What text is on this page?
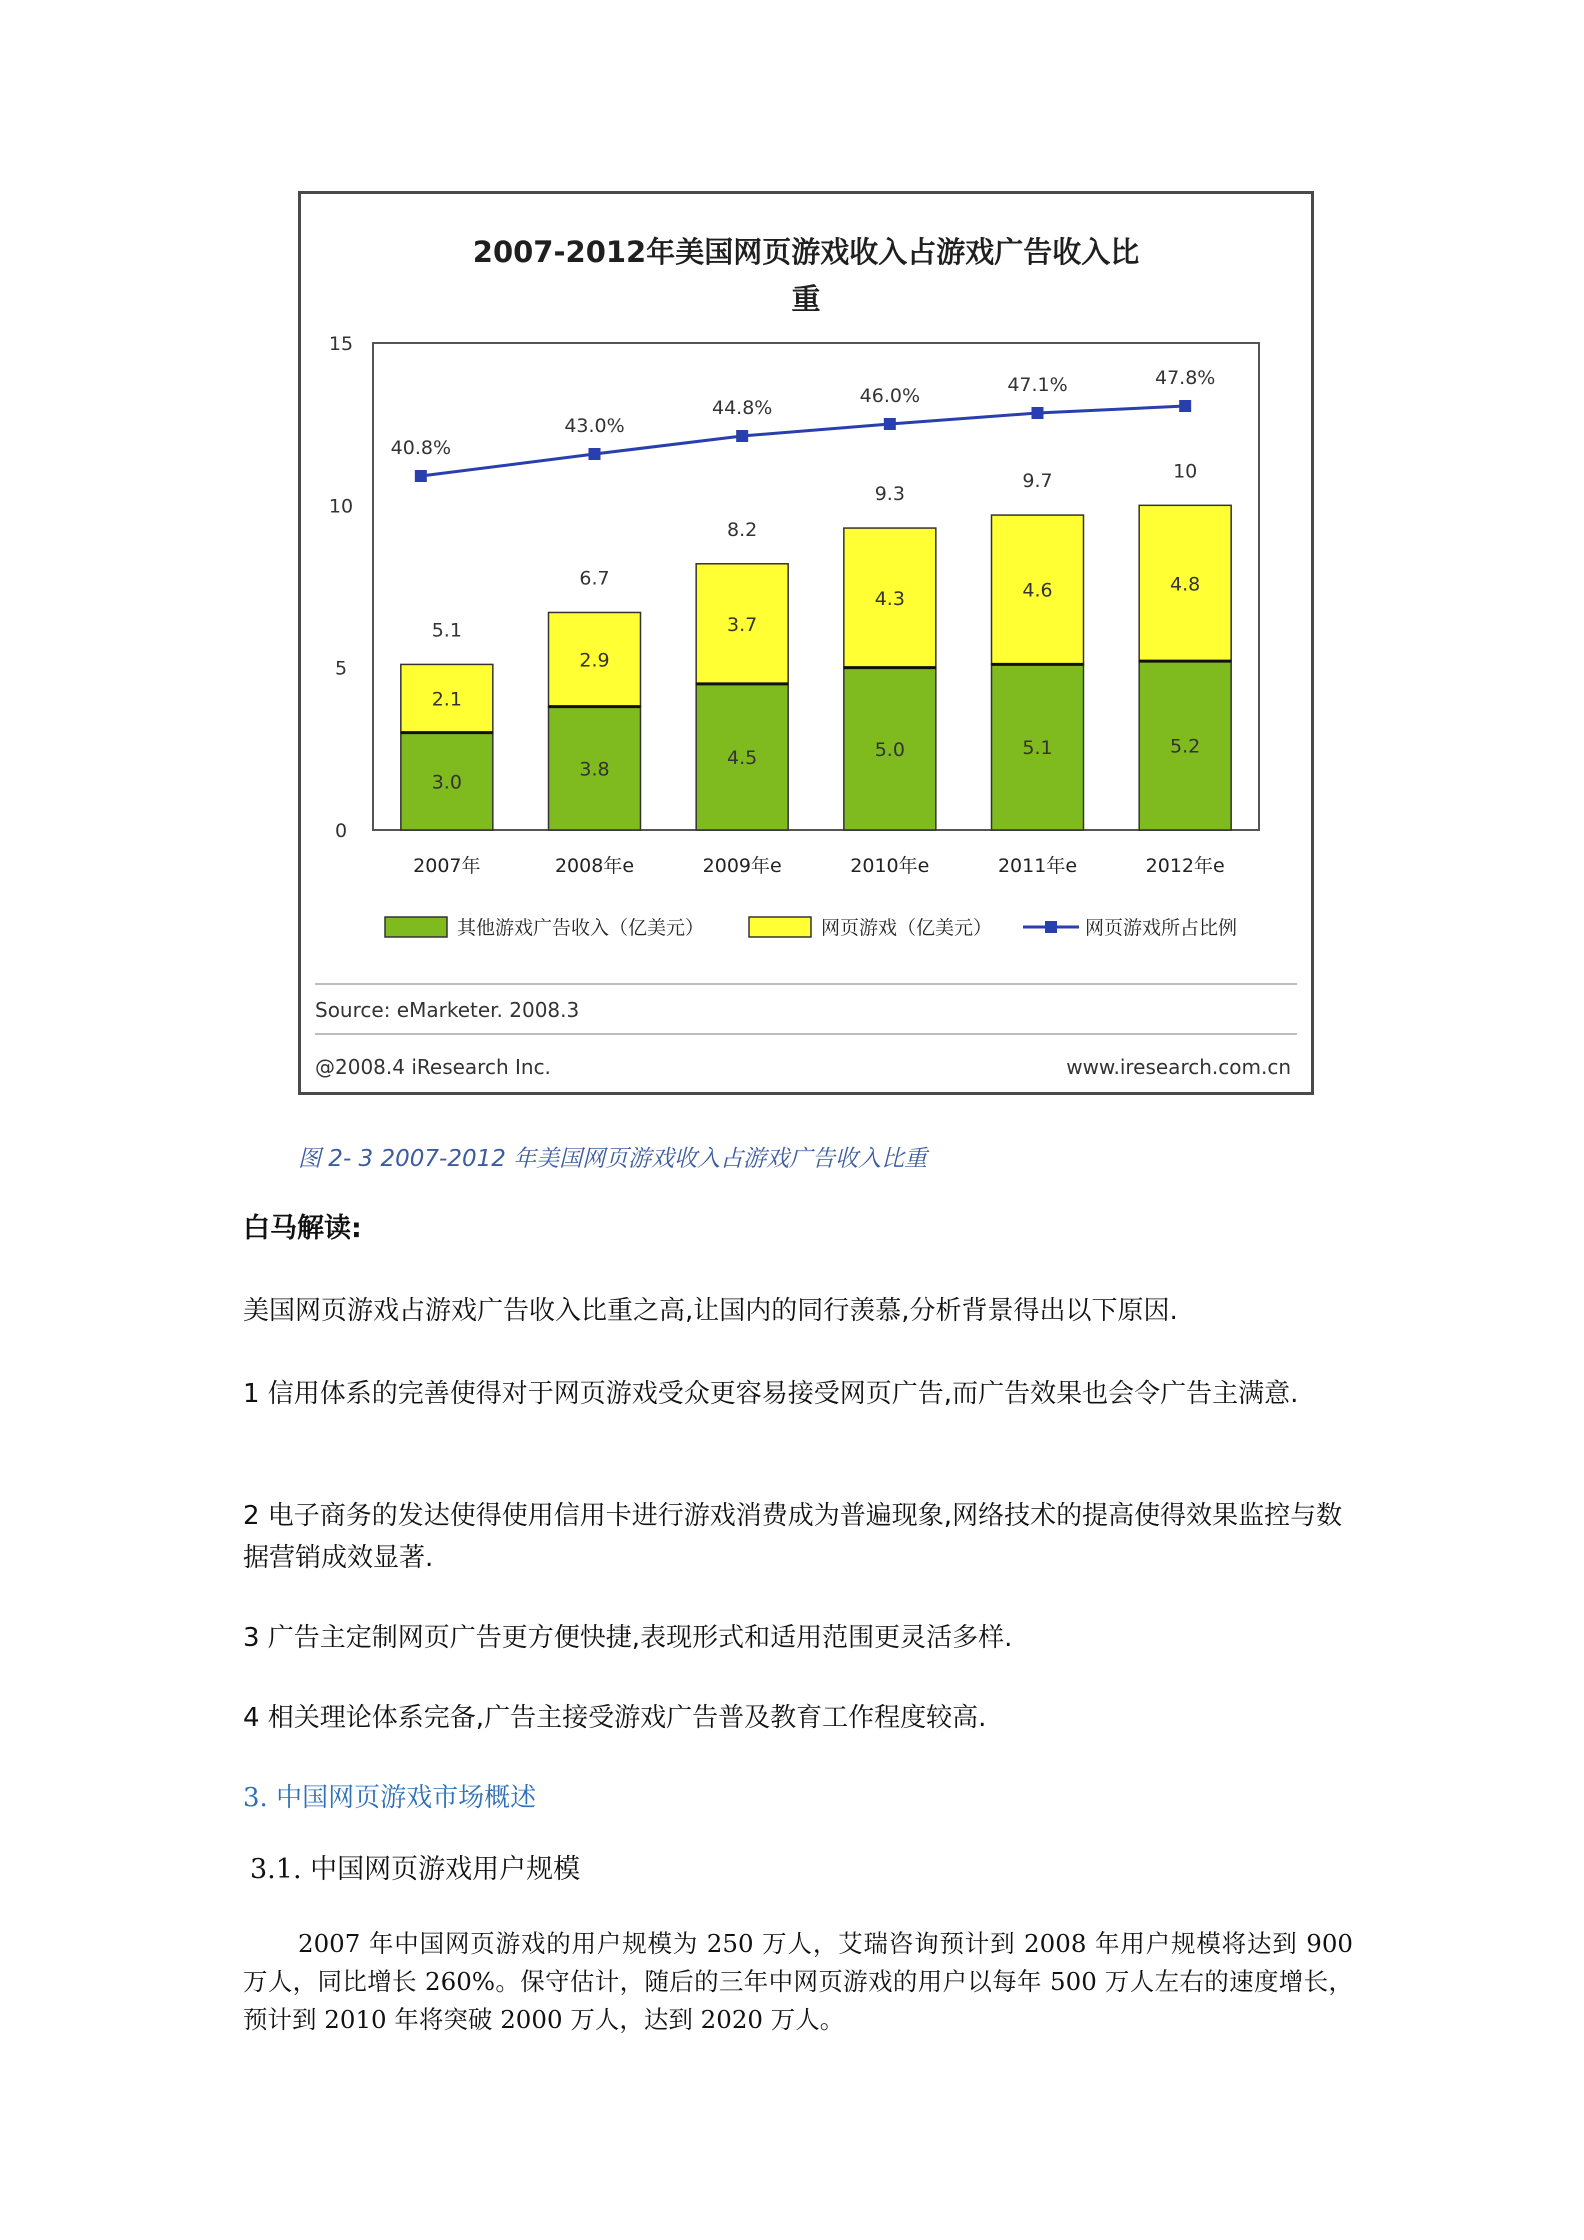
2007-2012年美国网页游戏收入占游戏广告收入比
重
0
5
10
15
2007年	2008年e	2009年e	2010年e	2011年e	2012年e
3.0
2.1
5.1
3.8
2.9
6.7
4.5
3.7
8.2
5.0
4.3
9.3
5.1
4.6
9.7
5.2
4.8
10
40.8%
43.0%
44.8%
46.0%	47.1%	47.8%
其他游戏广告收入（亿美元）	网页游戏（亿美元）	网页游戏所占比例
Source: eMarketer. 2008.3
@2008.4 iResearch Inc.	www.iresearch.com.cn
图 2- 3 2007-2012 年美国网页游戏收入占游戏广告收入比重
白马解读:
美国网页游戏占游戏广告收入比重之高,让国内的同行羡慕,分析背景得出以下原因.
1 信用体系的完善使得对于网页游戏受众更容易接受网页广告,而广告效果也会令广告主满意.
2 电子商务的发达使得使用信用卡进行游戏消费成为普遍现象,网络技术的提高使得效果监控与数据营销成效显著.
3 广告主定制网页广告更方便快捷,表现形式和适用范围更灵活多样.
4 相关理论体系完备,广告主接受游戏广告普及教育工作程度较高.
3. 中国网页游戏市场概述
3.1. 中国网页游戏用户规模
2007 年中国网页游戏的用户规模为 250 万人，艾瑞咨询预计到 2008 年用户规模将达到 900 万人，同比增长 260%。保守估计，随后的三年中网页游戏的用户以每年 500 万人左右的速度增长，预计到 2010 年将突破 2000 万人，达到 2020 万人。
